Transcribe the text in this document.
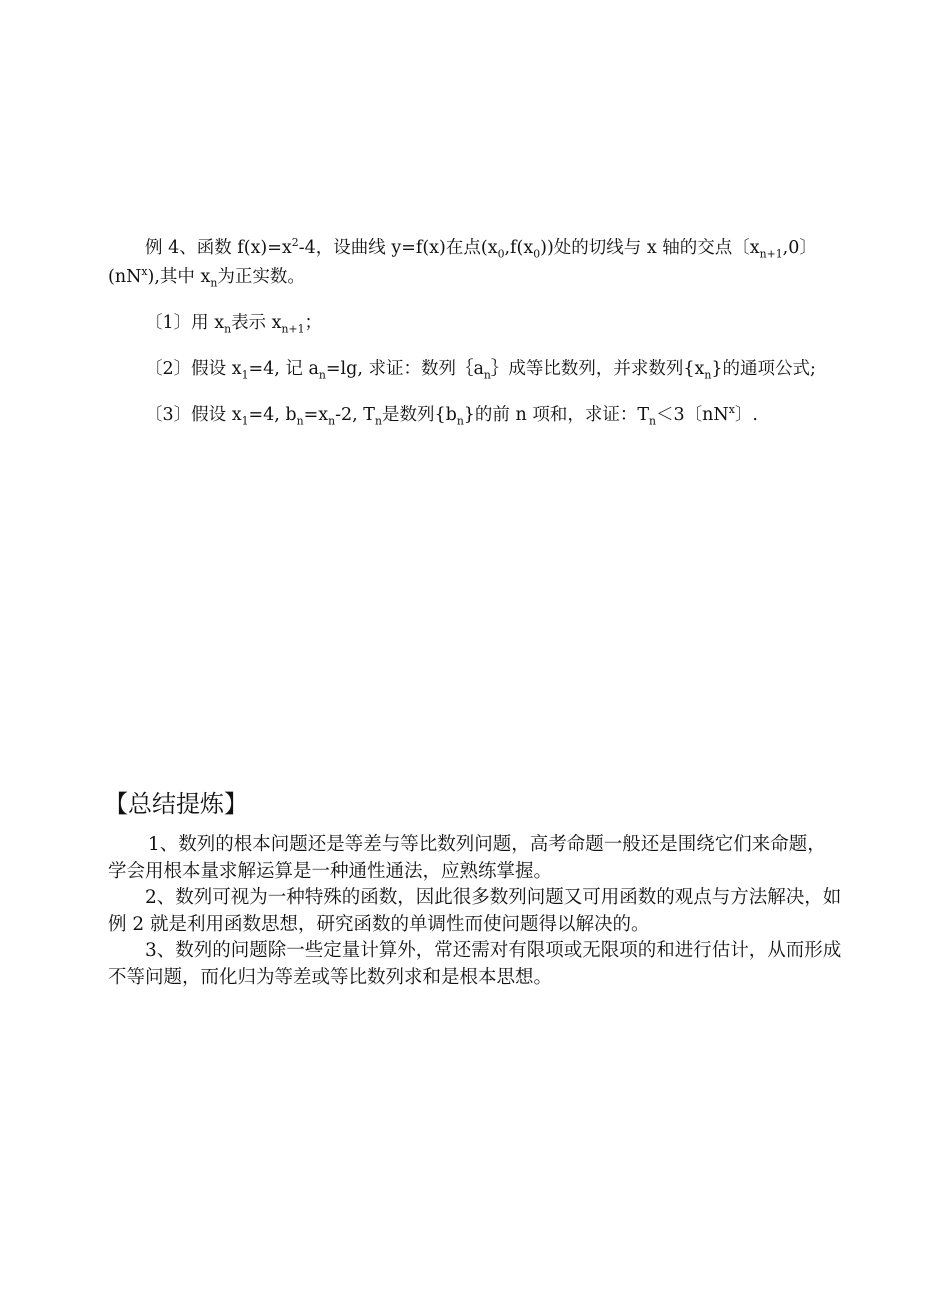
例 4、函数 $f(x)=x^2-4$，设曲线 y=f(x)在点$(x_0,f(x_0))$处的切线与 x 轴的交点〔$x_{n+1},0$〕$(nN^x)$,其中 $x_n$为正实数。

〔1〕用 $x_n$表示 $x_{n+1}$；

〔2〕假设 $x_1=4$, 记 $a_n=\lg$, 求证：数列$\{a_n\}$成等比数列，并求数列$\{x_n\}$的通项公式;

〔3〕假设 $x_1=4$, $b_n=x_n-2$, $T_n$是数列$\{b_n\}$的前 n 项和，求证：$T_n<3$〔$nN^x$〕.

【总结提炼】

1、数列的根本问题还是等差与等比数列问题，高考命题一般还是围绕它们来命题，学会用根本量求解运算是一种通性通法，应熟练掌握。

2、数列可视为一种特殊的函数，因此很多数列问题又可用函数的观点与方法解决，如例 2 就是利用函数思想，研究函数的单调性而使问题得以解决的。

3、数列的问题除一些定量计算外，常还需对有限项或无限项的和进行估计，从而形成不等问题，而化归为等差或等比数列求和是根本思想。
